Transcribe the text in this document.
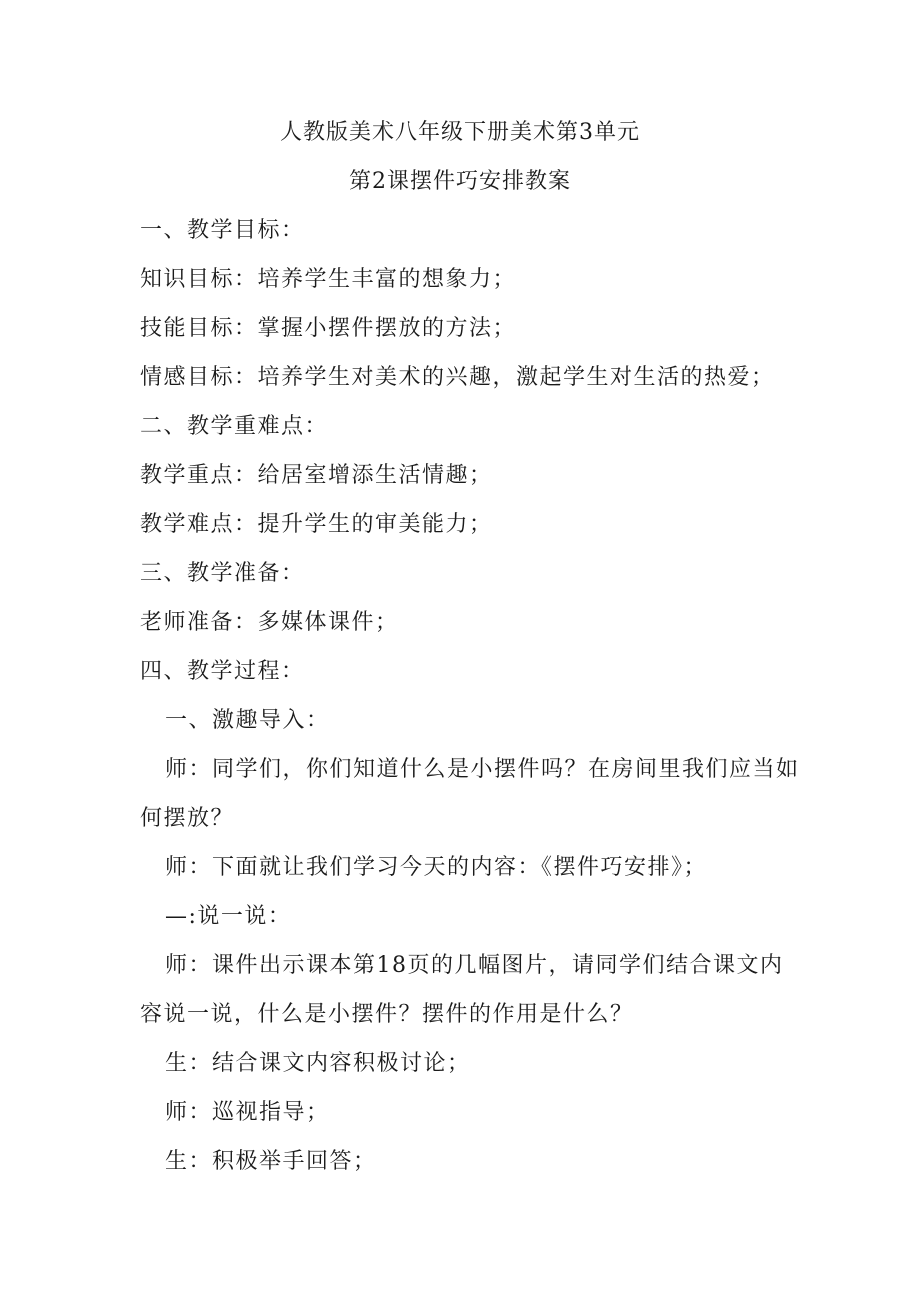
人教版美术八年级下册美术第3单元
第2课摆件巧安排教案
一、教学目标：
知识目标：培养学生丰富的想象力；
技能目标：掌握小摆件摆放的方法；
情感目标：培养学生对美术的兴趣，激起学生对生活的热爱；
二、教学重难点：
教学重点：给居室增添生活情趣；
教学难点：提升学生的审美能力；
三、教学准备：
老师准备：多媒体课件；
四、教学过程：
一、激趣导入：
师：同学们，你们知道什么是小摆件吗？在房间里我们应当如
何摆放？
师：下面就让我们学习今天的内容：《摆件巧安排》；
—:说一说：
师：课件出示课本第18页的几幅图片，请同学们结合课文内
容说一说，什么是小摆件？摆件的作用是什么？
生：结合课文内容积极讨论；
师：巡视指导；
生：积极举手回答；
